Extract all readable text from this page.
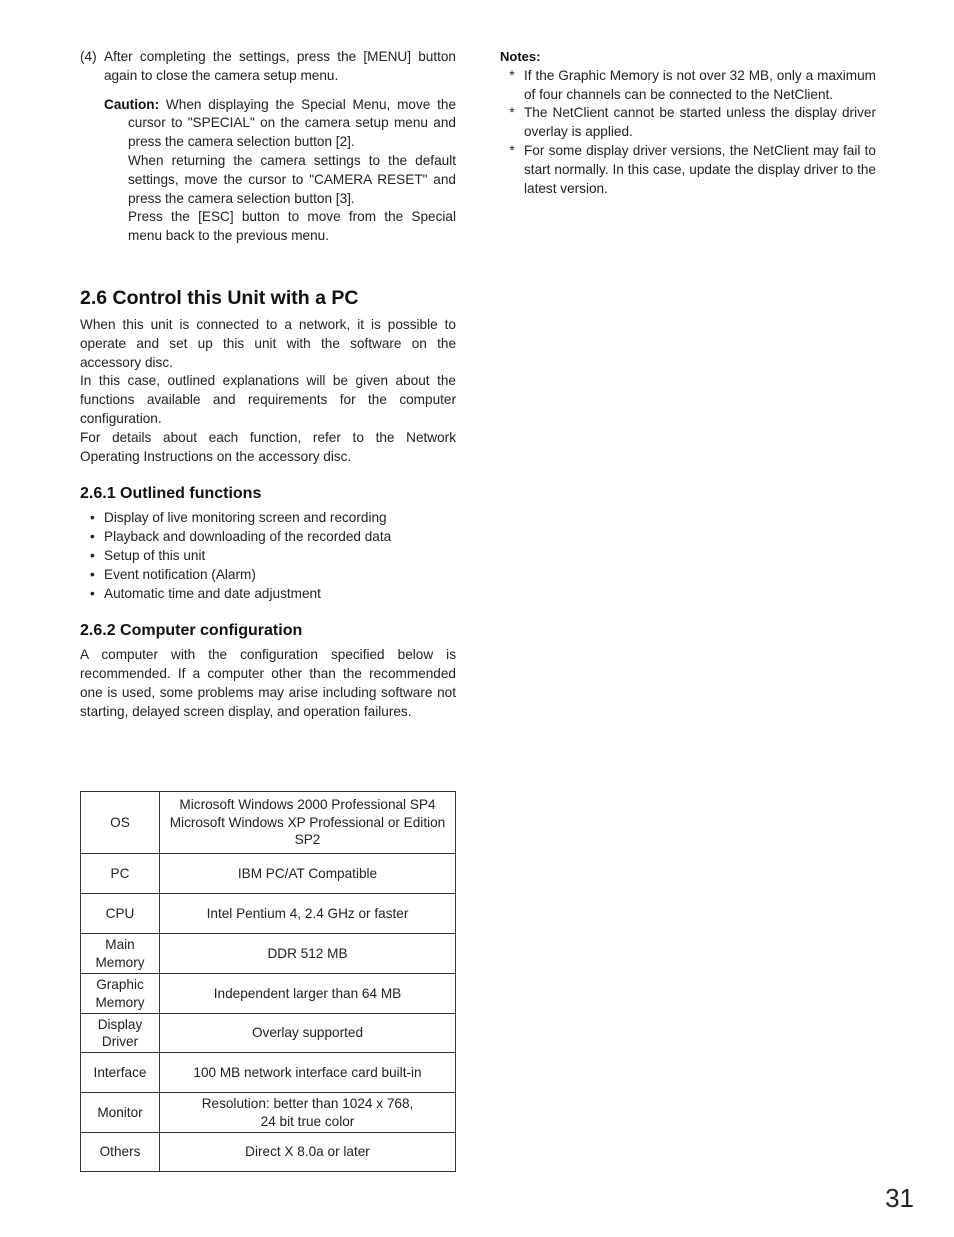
(4) After completing the settings, press the [MENU] button again to close the camera setup menu.
Caution: When displaying the Special Menu, move the cursor to "SPECIAL" on the camera setup menu and press the camera selection button [2].

When returning the camera settings to the default settings, move the cursor to "CAMERA RESET" and press the camera selection button [3].

Press the [ESC] button to move from the Special menu back to the previous menu.

2.6 Control this Unit with a PC

When this unit is connected to a network, it is possible to operate and set up this unit with the software on the accessory disc.

In this case, outlined explanations will be given about the functions available and requirements for the computer configuration.

For details about each function, refer to the Network Operating Instructions on the accessory disc.

2.6.1 Outlined functions
• Display of live monitoring screen and recording
• Playback and downloading of the recorded data
• Setup of this unit
• Event notification (Alarm)
• Automatic time and date adjustment
2.6.2 Computer configuration

A computer with the configuration specified below is recommended. If a computer other than the recommended one is used, some problems may arise including software not starting, delayed screen display, and operation failures.

OS	Microsoft Windows 2000 Professional SP4
Microsoft Windows XP Professional or Edition SP2
PC	IBM PC/AT Compatible
CPU	Intel Pentium 4, 2.4 GHz or faster
Main
Memory	DDR 512 MB
Graphic
Memory	Independent larger than 64 MB
Display
Driver	Overlay supported
Interface	100 MB network interface card built-in
Monitor	Resolution: better than 1024 x 768,
24 bit true color
Others	Direct X 8.0a or later
Notes:
* If the Graphic Memory is not over 32 MB, only a maximum of four channels can be connected to the NetClient.
* The NetClient cannot be started unless the display driver overlay is applied.
* For some display driver versions, the NetClient may fail to start normally. In this case, update the display driver to the latest version.
31
